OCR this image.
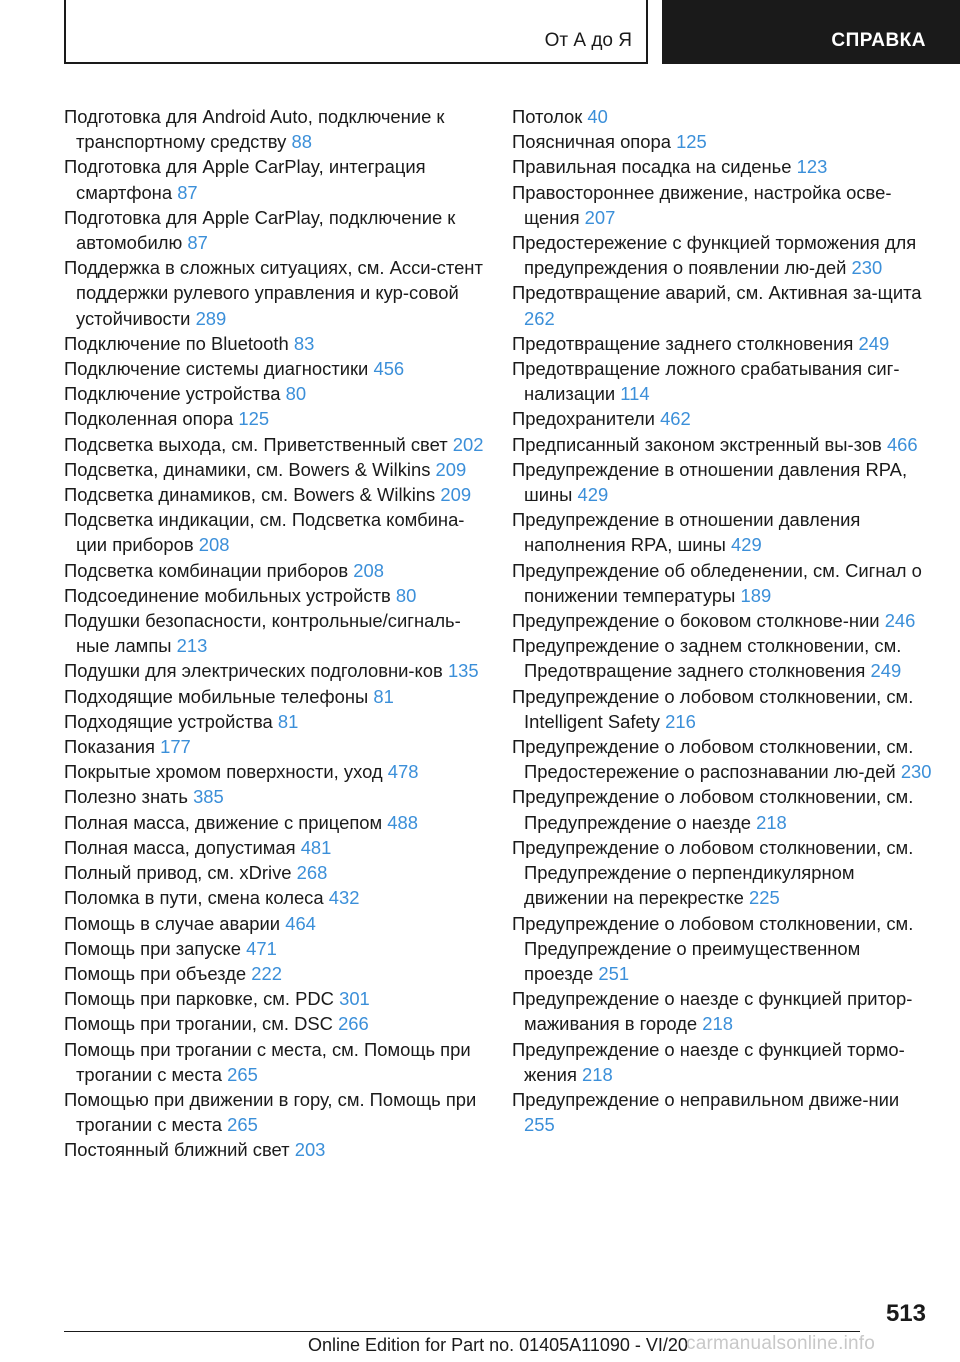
От А до Я	СПРАВКА
Подготовка для Android Auto, подключение к транспортному средству 88
Подготовка для Apple CarPlay, интеграция смартфона 87
Подготовка для Apple CarPlay, подключение к автомобилю 87
Поддержка в сложных ситуациях, см. Асси-стент поддержки рулевого управления и кур-совой устойчивости 289
Подключение по Bluetooth 83
Подключение системы диагностики 456
Подключение устройства 80
Подколенная опора 125
Подсветка выхода, см. Приветственный свет 202
Подсветка, динамики, см. Bowers & Wilkins 209
Подсветка динамиков, см. Bowers & Wilkins 209
Подсветка индикации, см. Подсветка комбина-ции приборов 208
Подсветка комбинации приборов 208
Подсоединение мобильных устройств 80
Подушки безопасности, контрольные/сигналь-ные лампы 213
Подушки для электрических подголовни-ков 135
Подходящие мобильные телефоны 81
Подходящие устройства 81
Показания 177
Покрытые хромом поверхности, уход 478
Полезно знать 385
Полная масса, движение с прицепом 488
Полная масса, допустимая 481
Полный привод, см. xDrive 268
Поломка в пути, смена колеса 432
Помощь в случае аварии 464
Помощь при запуске 471
Помощь при объезде 222
Помощь при парковке, см. PDC 301
Помощь при трогании, см. DSC 266
Помощь при трогании с места, см. Помощь при трогании с места 265
Помощью при движении в гору, см. Помощь при трогании с места 265
Постоянный ближний свет 203
Потолок 40
Поясничная опора 125
Правильная посадка на сиденье 123
Правостороннее движение, настройка осве-щения 207
Предостережение с функцией торможения для предупреждения о появлении лю-дей 230
Предотвращение аварий, см. Активная за-щита 262
Предотвращение заднего столкновения 249
Предотвращение ложного срабатывания сиг-нализации 114
Предохранители 462
Предписанный законом экстренный вы-зов 466
Предупреждение в отношении давления RPA, шины 429
Предупреждение в отношении давления наполнения RPA, шины 429
Предупреждение об обледенении, см. Сигнал о понижении температуры 189
Предупреждение о боковом столкнове-нии 246
Предупреждение о заднем столкновении, см. Предотвращение заднего столкновения 249
Предупреждение о лобовом столкновении, см. Intelligent Safety 216
Предупреждение о лобовом столкновении, см. Предостережение о распознавании лю-дей 230
Предупреждение о лобовом столкновении, см. Предупреждение о наезде 218
Предупреждение о лобовом столкновении, см. Предупреждение о перпендикулярном движении на перекрестке 225
Предупреждение о лобовом столкновении, см. Предупреждение о преимущественном проезде 251
Предупреждение о наезде с функцией притор-маживания в городе 218
Предупреждение о наезде с функцией тормо-жения 218
Предупреждение о неправильном движе-нии 255
513
Online Edition for Part no. 01405A11090 - VI/20
carmanualsonline.info
